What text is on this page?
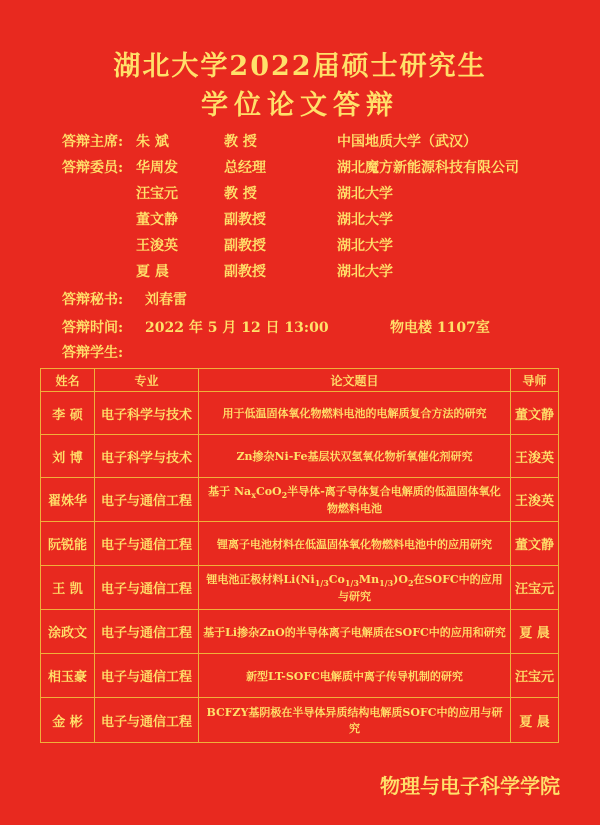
湖北大学2022届硕士研究生
学位论文答辩
答辩主席: 朱 斌	教 授	中国地质大学（武汉）
答辩委员: 华周发	总经理	湖北魔方新能源科技有限公司
汪宝元	教 授	湖北大学
董文静	副教授	湖北大学
王浚英	副教授	湖北大学
夏 晨	副教授	湖北大学
答辩秘书: 刘春雷
答辩时间: 2022 年 5 月 12 日 13:00	物电楼 1107室
答辩学生:
姓名	专业	论文题目	导师
李 硕	电子科学与技术	用于低温固体氧化物燃料电池的电解质复合方法的研究	董文静
刘 博	电子科学与技术	Zn掺杂Ni-Fe基层状双氢氧化物析氧催化剂研究	王浚英
翟姝华	电子与通信工程	基于 $Na_xCoO_2$半导体-离子导体复合电解质的低温固体氧化物燃料电池	王浚英
阮锐能	电子与通信工程	锂离子电池材料在低温固体氧化物燃料电池中的应用研究	董文静
王 凯	电子与通信工程	锂电池正极材料$Li(Ni_{1/3}Co_{1/3}Mn_{1/3})O_2$在SOFC中的应用与研究	汪宝元
涂政文	电子与通信工程	基于Li掺杂ZnO的半导体离子电解质在SOFC中的应用和研究	夏 晨
相玉豪	电子与通信工程	新型LT-SOFC电解质中离子传导机制的研究	汪宝元
金 彬	电子与通信工程	BCFZY基阴极在半导体异质结构电解质SOFC中的应用与研究	夏 晨
物理与电子科学学院
